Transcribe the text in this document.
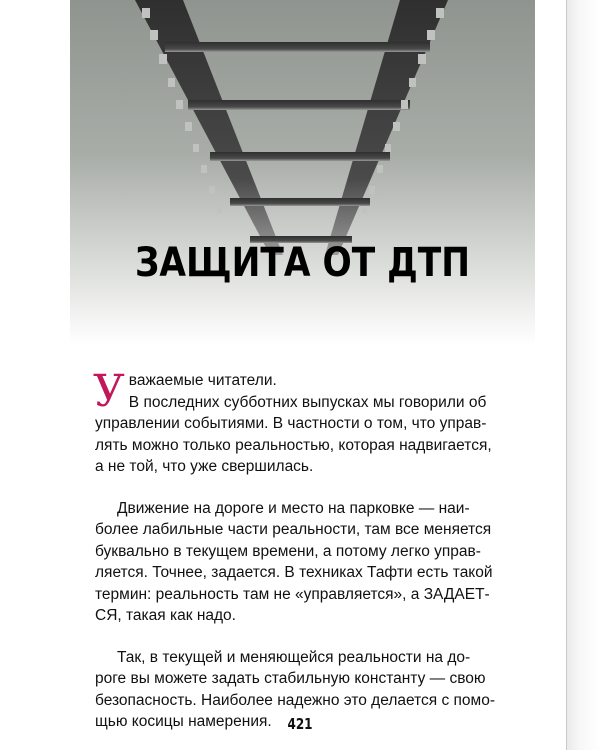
ЗАЩИТА ОТ ДТП

У важаемые читатели.
В последних субботних выпусках мы говорили об
управлении событиями. В частности о том, что управ-
лять можно только реальностью, которая надвигается,
а не той, что уже свершилась.

Движение на дороге и место на парковке — наи-
более лабильные части реальности, там все меняется
буквально в текущем времени, а потому легко управ-
ляется. Точнее, задается. В техниках Тафти есть такой
термин: реальность там не «управляется», а ЗАДАЕТ-
СЯ, такая как надо.

Так, в текущей и меняющейся реальности на до-
роге вы можете задать стабильную константу — свою
безопасность. Наиболее надежно это делается с помо-
щью косицы намерения.	421
